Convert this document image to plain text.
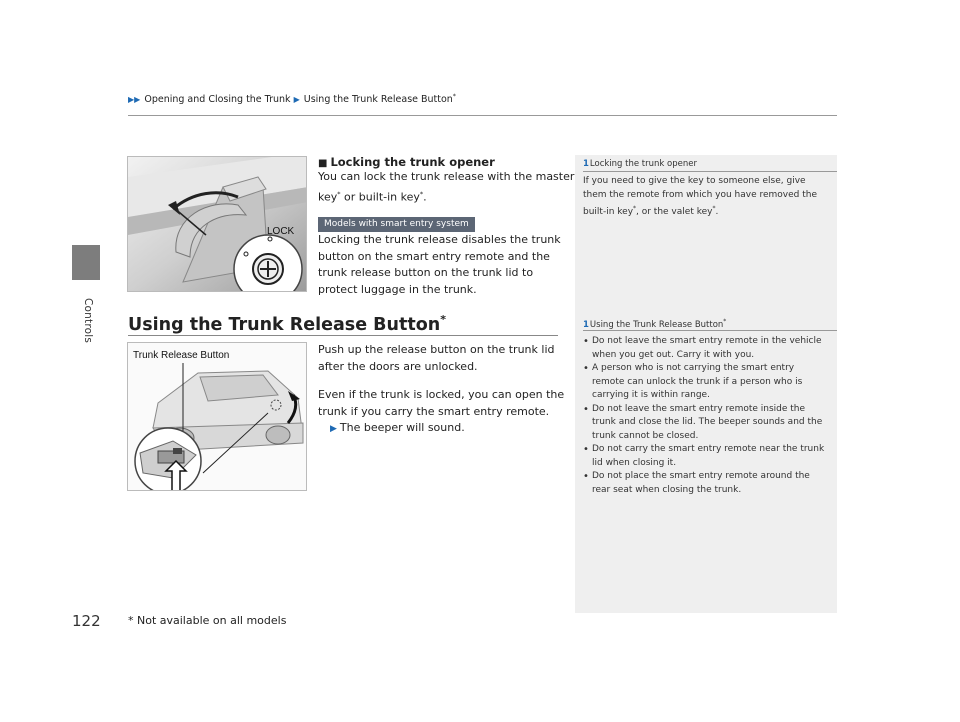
Controls
122
▶▶ Opening and Closing the Trunk ▶ Using the Trunk Release Button*
LOCK
■ Locking the trunk opener
You can lock the trunk release with the master
key* or built-in key*.
Models with smart entry system
Locking the trunk release disables the trunk
button on the smart entry remote and the
trunk release button on the trunk lid to
protect luggage in the trunk.
1Locking the trunk opener
If you need to give the key to someone else, give
them the remote from which you have removed the
built-in key*, or the valet key*.
1Using the Trunk Release Button*
• Do not leave the smart entry remote in the vehicle
when you get out. Carry it with you.
• A person who is not carrying the smart entry
remote can unlock the trunk if a person who is
carrying it is within range.
• Do not leave the smart entry remote inside the
trunk and close the lid. The beeper sounds and the
trunk cannot be closed.
• Do not carry the smart entry remote near the trunk
lid when closing it.
• Do not place the smart entry remote around the
rear seat when closing the trunk.
Using the Trunk Release Button*
Trunk Release Button	Push up the release button on the trunk lid
after the doors are unlocked.
Even if the trunk is locked, you can open the
trunk if you carry the smart entry remote.
▶ The beeper will sound.
* Not available on all models
